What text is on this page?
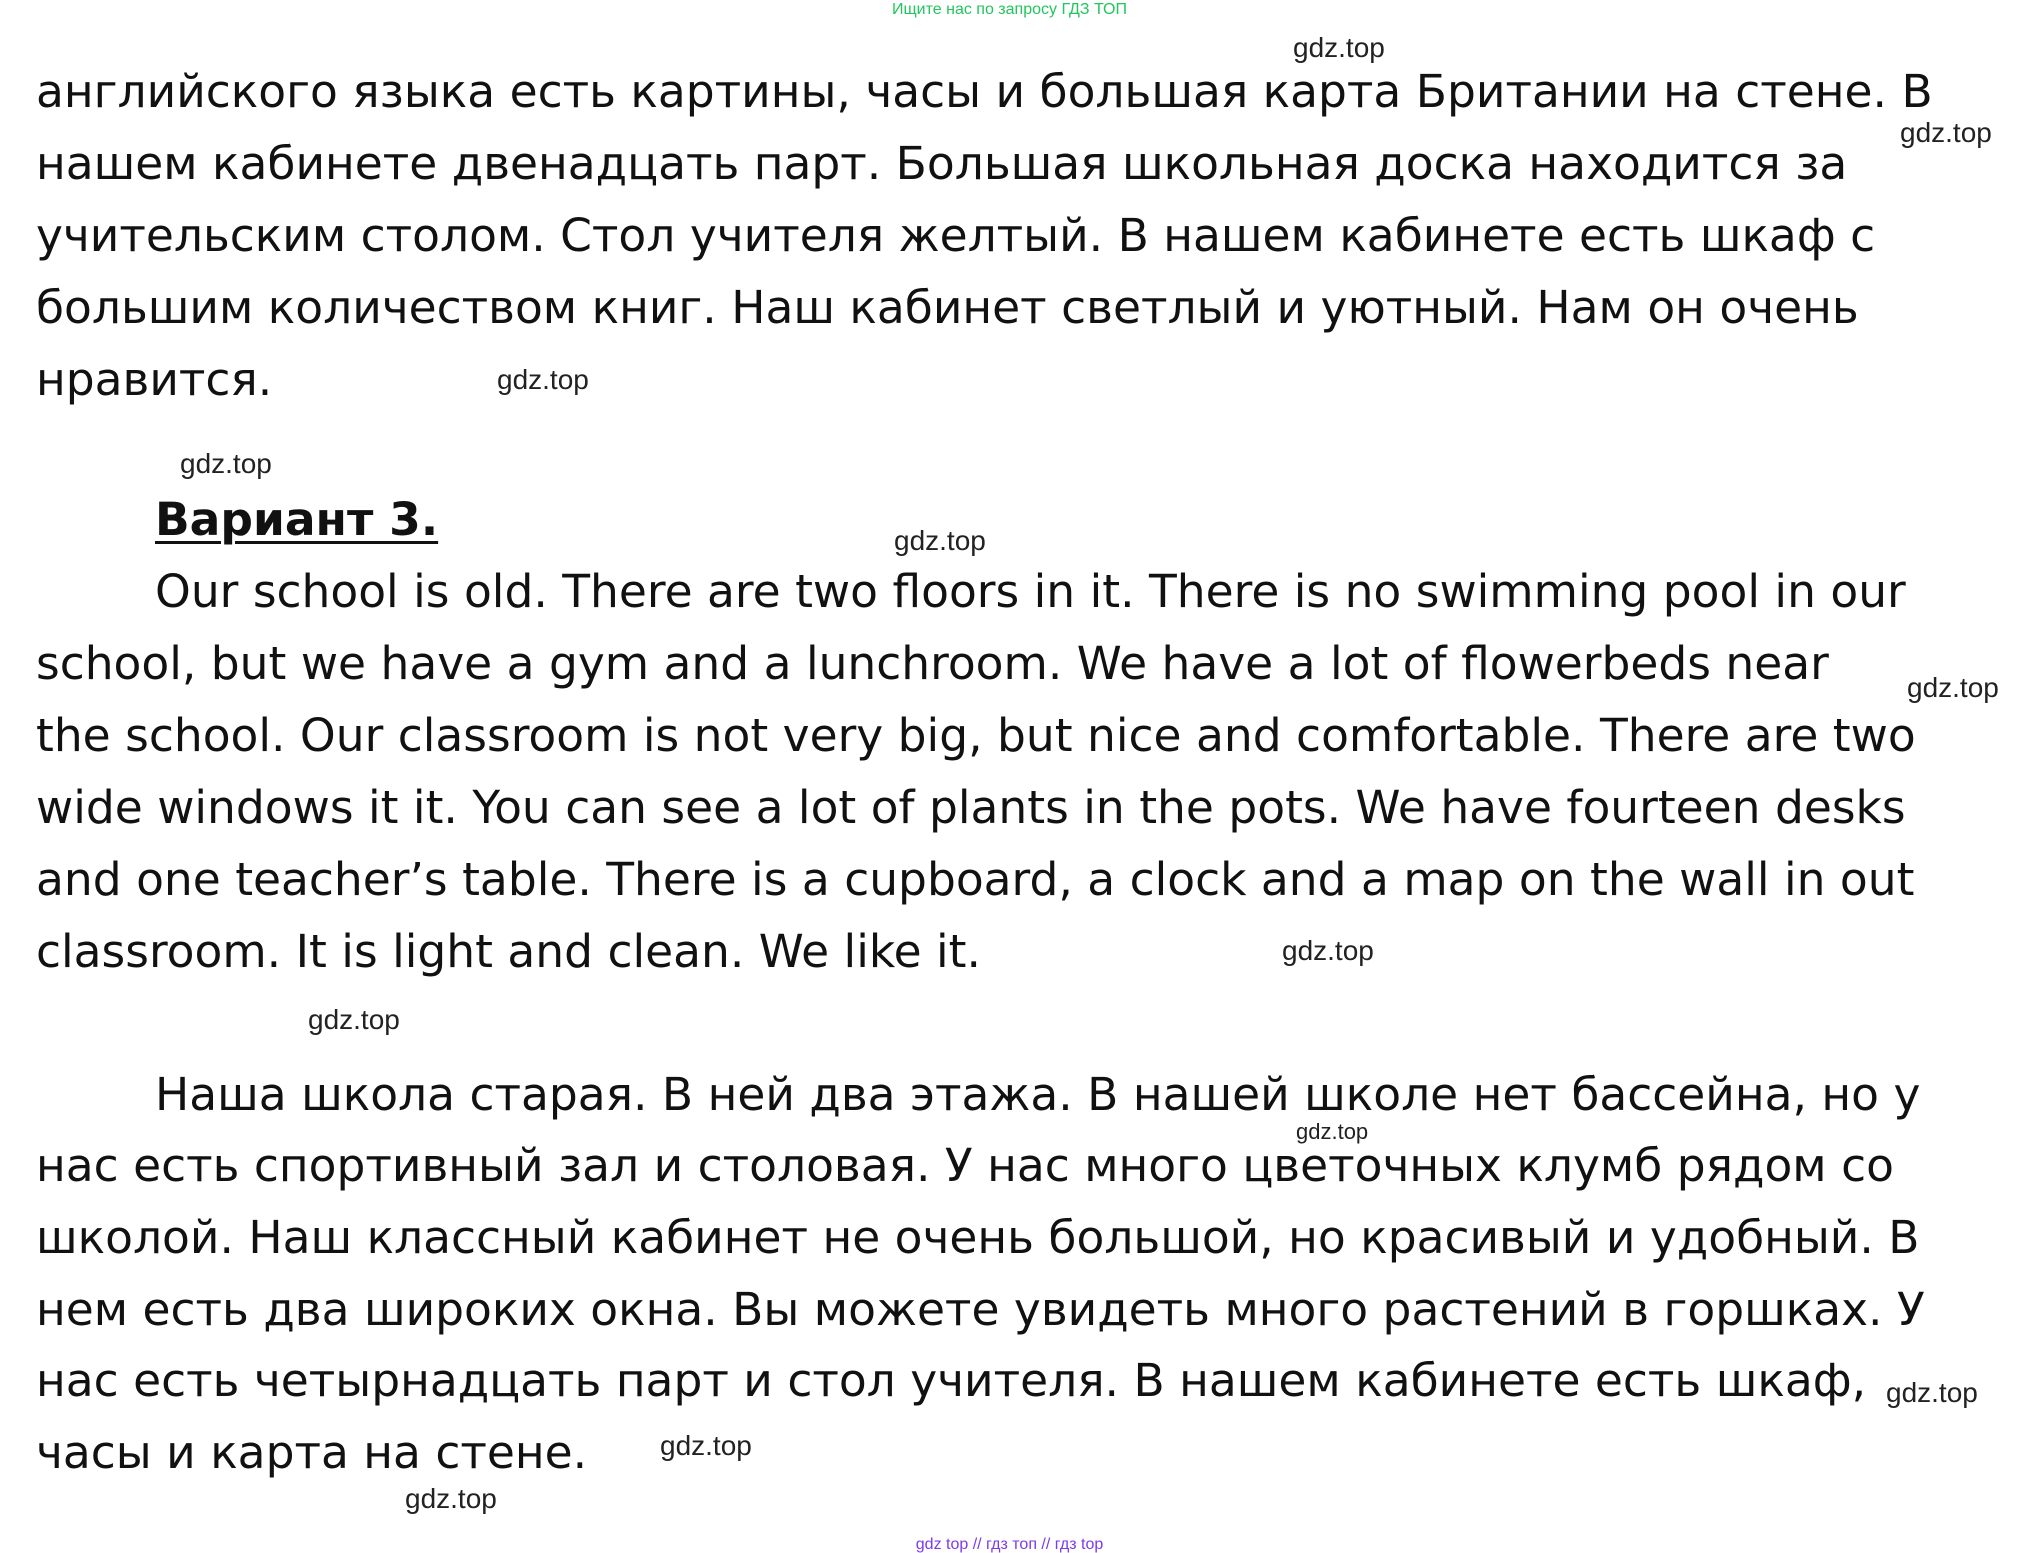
Ищите нас по запросу ГДЗ ТОП

английского языка есть картины, часы и большая карта Британии на стене. В

нашем кабинете двенадцать парт. Большая школьная доска находится за

учительским столом. Стол учителя желтый. В нашем кабинете есть шкаф с

большим количеством книг. Наш кабинет светлый и уютный. Нам он очень

нравится.

Вариант 3.

Our school is old. There are two floors in it. There is no swimming pool in our

school, but we have a gym and a lunchroom. We have a lot of flowerbeds near

the school. Our classroom is not very big, but nice and comfortable. There are two

wide windows it it. You can see a lot of plants in the pots. We have fourteen desks

and one teacher’s table. There is a cupboard, a clock and a map on the wall in out

classroom. It is light and clean. We like it.

Наша школа старая. В ней два этажа. В нашей школе нет бассейна, но у

нас есть спортивный зал и столовая. У нас много цветочных клумб рядом со

школой. Наш классный кабинет не очень большой, но красивый и удобный. В

нем есть два широких окна. Вы можете увидеть много растений в горшках. У

нас есть четырнадцать парт и стол учителя. В нашем кабинете есть шкаф,

часы и карта на стене.

gdz.top
gdz.top
gdz.top
gdz.top
gdz.top
gdz.top
gdz.top
gdz.top
gdz.top
gdz.top
gdz.top
gdz.top
gdz top // гдз топ // гдз top
